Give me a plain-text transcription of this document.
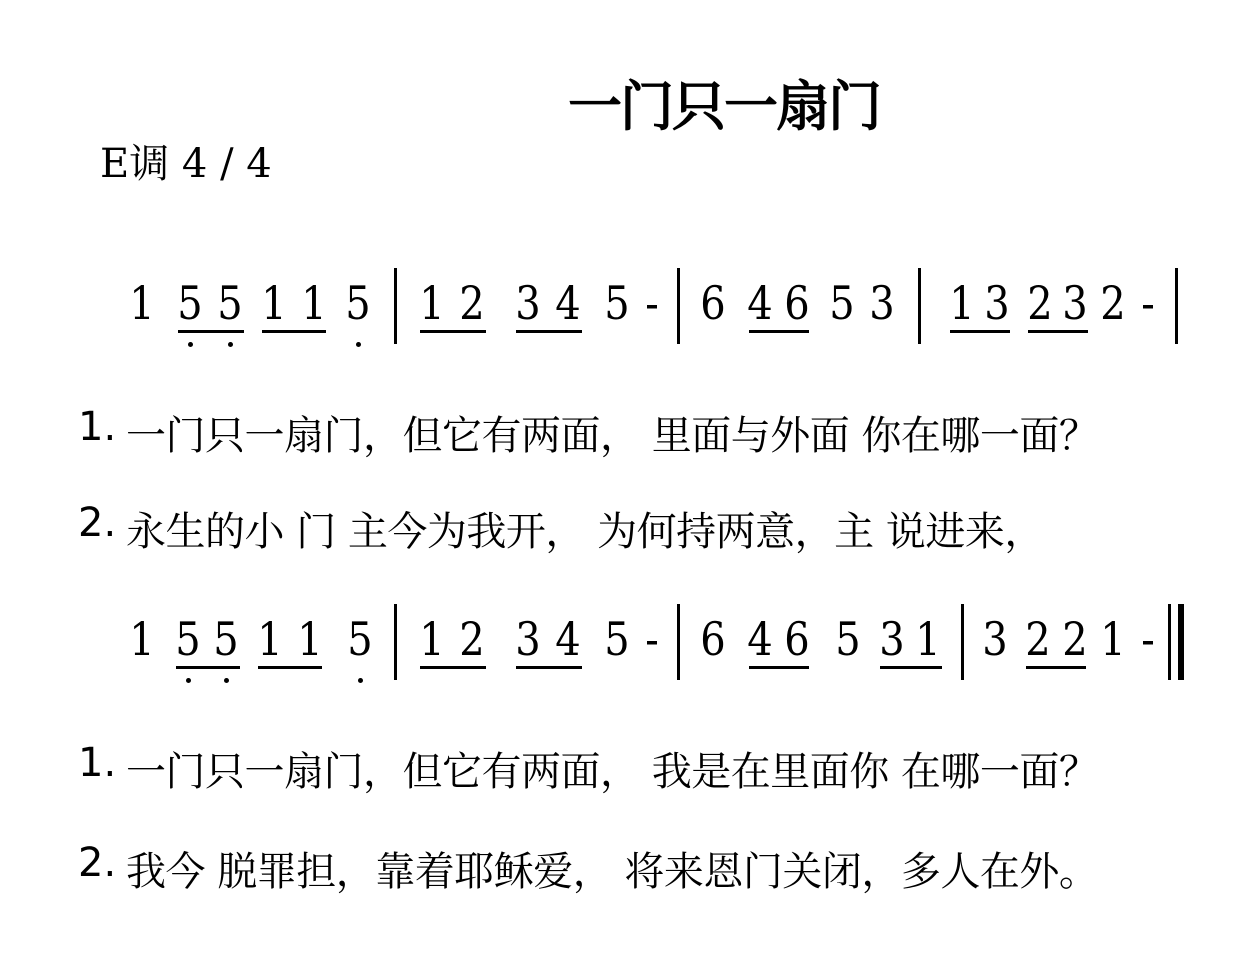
一门只一扇门
E调 4 / 4
1 5 5 1 1 5 1 2 3 4 5 - 6 4 6 5 3 1 3 2 3 2 -
1 5 5 1 1 5 1 2 3 4 5 - 6 4 6 5 3 1 3 2 2 1 -
1. 一门只一扇门，但它有两面， 里面与外面 你在哪一面？
2. 永生的小 门 主今为我开， 为何持两意，主 说进来，
1. 一门只一扇门，但它有两面， 我是在里面你 在哪一面？
2. 我今 脱罪担，靠着耶稣爱， 将来恩门关闭，多人在外。
